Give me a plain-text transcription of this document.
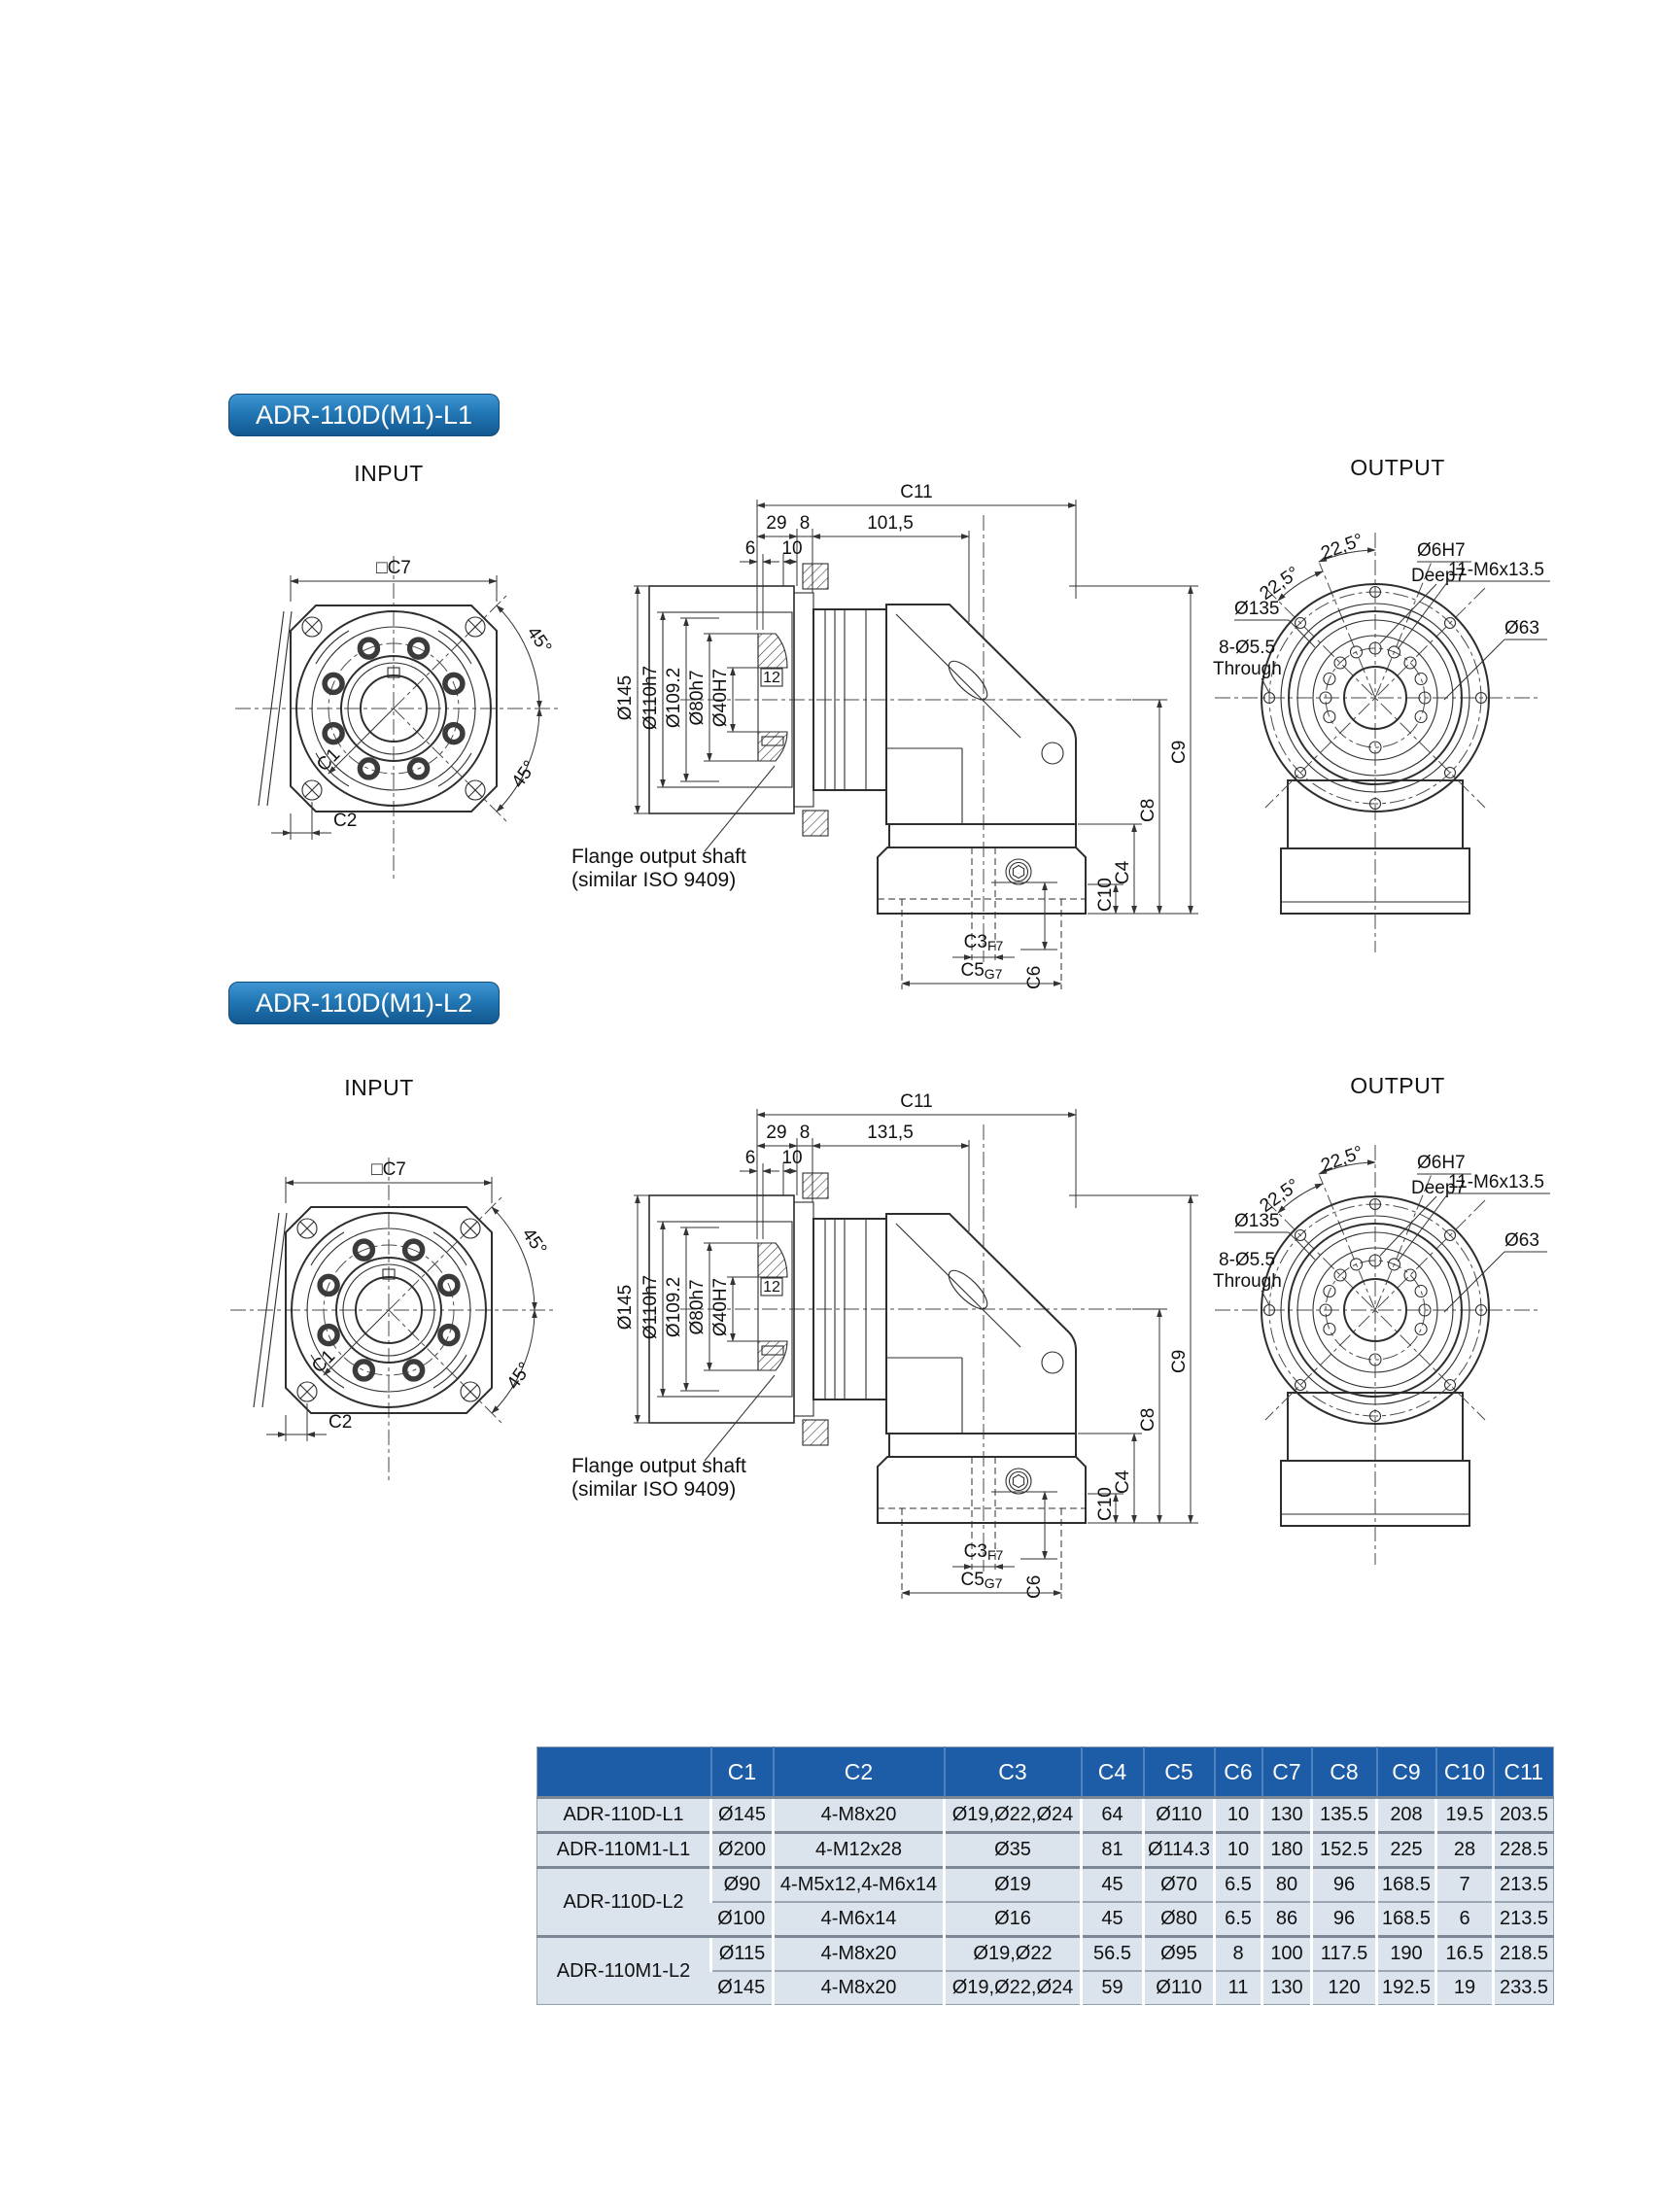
ADR-110D(M1)-L1
INPUT	OUTPUT
□C7
45°
45°
C1
C2
12
C11
29 8	101,5
6 10
Ø145 Ø110h7 Ø109.2 Ø80h7 Ø40H7
C3F7
C6
C5G7
C10
C4
C8
C9
Flange output shaft
(similar ISO 9409)
22,5°
22,5°	Ø6H7
Deep7
11-M6x13.5
Ø135
8-Ø5.5
Through
Ø63
ADR-110D(M1)-L2
INPUT	OUTPUT
□C7
45°
45°
C1
C2
12
C11
29 8	131,5
6 10
Ø145 Ø110h7 Ø109.2 Ø80h7 Ø40H7
C3F7
C6
C5G7
C10
C4
C8
C9
Flange output shaft
(similar ISO 9409)
22,5°
22,5°	Ø6H7
Deep7
11-M6x13.5
Ø135
8-Ø5.5
Through
Ø63
	C1	C2	C3	C4	C5	C6	C7	C8	C9	C10	C11
ADR-110D-L1	Ø145	4-M8x20	Ø19,Ø22,Ø24	64	Ø110	10	130	135.5	208	19.5	203.5
ADR-110M1-L1	Ø200	4-M12x28	Ø35	81	Ø114.3	10	180	152.5	225	28	228.5
ADR-110D-L2	Ø90	4-M5x12,4-M6x14	Ø19	45	Ø70	6.5	80	96	168.5	7	213.5
	Ø100	4-M6x14	Ø16	45	Ø80	6.5	86	96	168.5	6	213.5
ADR-110M1-L2	Ø115	4-M8x20	Ø19,Ø22	56.5	Ø95	8	100	117.5	190	16.5	218.5
	Ø145	4-M8x20	Ø19,Ø22,Ø24	59	Ø110	11	130	120	192.5	19	233.5
